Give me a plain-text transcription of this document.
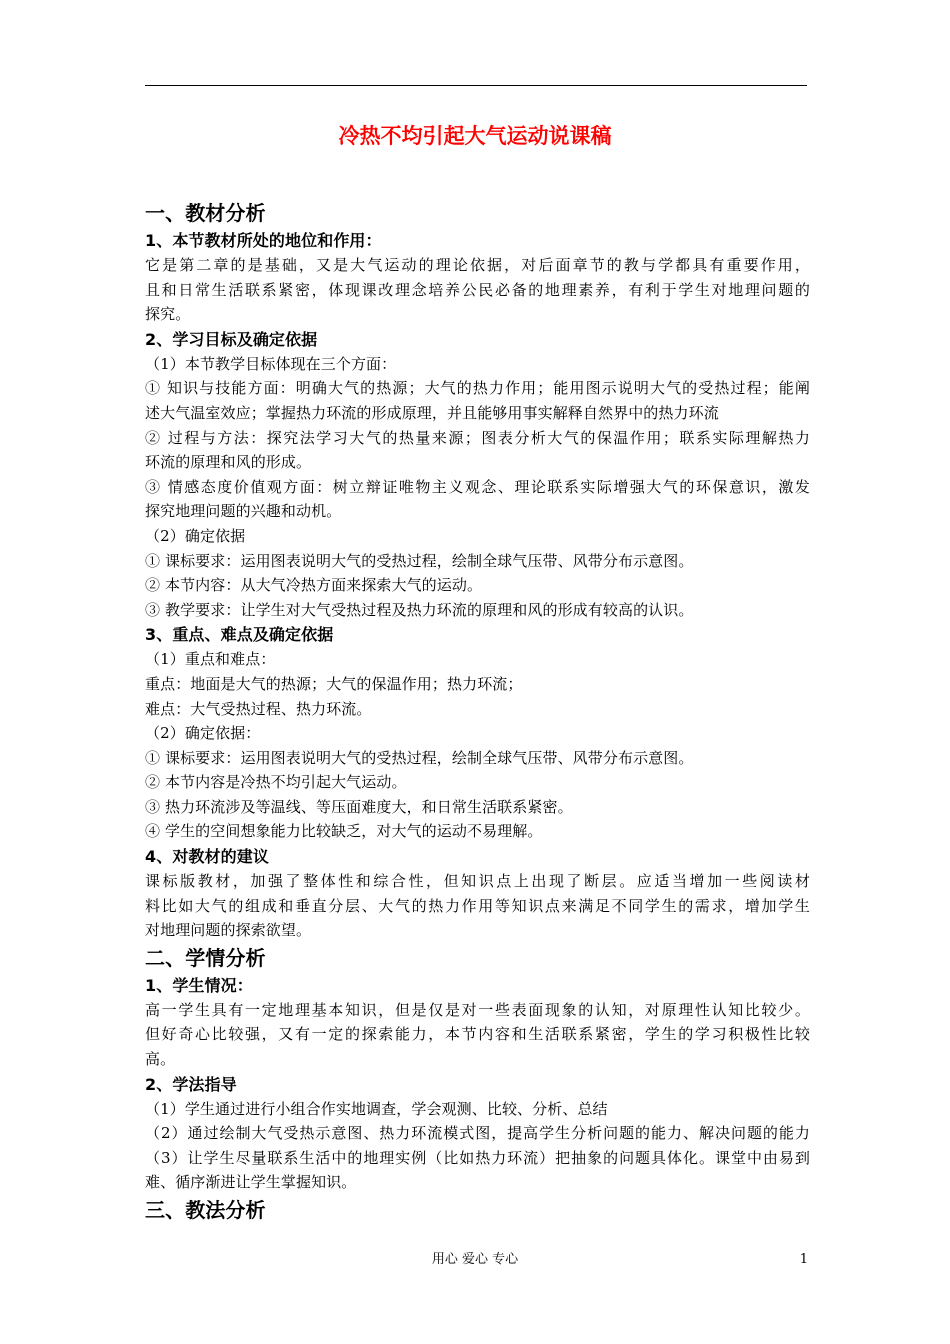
冷热不均引起大气运动说课稿
一、教材分析
1、本节教材所处的地位和作用：
它是第二章的是基础，又是大气运动的理论依据，对后面章节的教与学都具有重要作用，
且和日常生活联系紧密，体现课改理念培养公民必备的地理素养，有利于学生对地理问题的
探究。
2、学习目标及确定依据
（1）本节教学目标体现在三个方面：
① 知识与技能方面：明确大气的热源；大气的热力作用；能用图示说明大气的受热过程；能阐
述大气温室效应；掌握热力环流的形成原理，并且能够用事实解释自然界中的热力环流
② 过程与方法：探究法学习大气的热量来源；图表分析大气的保温作用；联系实际理解热力
环流的原理和风的形成。
③ 情感态度价值观方面：树立辩证唯物主义观念、理论联系实际增强大气的环保意识，激发
探究地理问题的兴趣和动机。
（2）确定依据
① 课标要求：运用图表说明大气的受热过程，绘制全球气压带、风带分布示意图。
② 本节内容：从大气冷热方面来探索大气的运动。
③ 教学要求：让学生对大气受热过程及热力环流的原理和风的形成有较高的认识。
3、重点、难点及确定依据
（1）重点和难点：
重点：地面是大气的热源；大气的保温作用；热力环流；
难点：大气受热过程、热力环流。
（2）确定依据：
① 课标要求：运用图表说明大气的受热过程，绘制全球气压带、风带分布示意图。
② 本节内容是冷热不均引起大气运动。
③ 热力环流涉及等温线、等压面难度大，和日常生活联系紧密。
④ 学生的空间想象能力比较缺乏，对大气的运动不易理解。
4、对教材的建议
课标版教材，加强了整体性和综合性，但知识点上出现了断层。应适当增加一些阅读材
料比如大气的组成和垂直分层、大气的热力作用等知识点来满足不同学生的需求，增加学生
对地理问题的探索欲望。
二、学情分析
1、学生情况：
高一学生具有一定地理基本知识，但是仅是对一些表面现象的认知，对原理性认知比较少。
但好奇心比较强，又有一定的探索能力，本节内容和生活联系紧密，学生的学习积极性比较
高。
2、学法指导
（1）学生通过进行小组合作实地调查，学会观测、比较、分析、总结
（2）通过绘制大气受热示意图、热力环流模式图，提高学生分析问题的能力、解决问题的能力
（3）让学生尽量联系生活中的地理实例（比如热力环流）把抽象的问题具体化。课堂中由易到
难、循序渐进让学生掌握知识。
三、教法分析
用心 爱心 专心	1
